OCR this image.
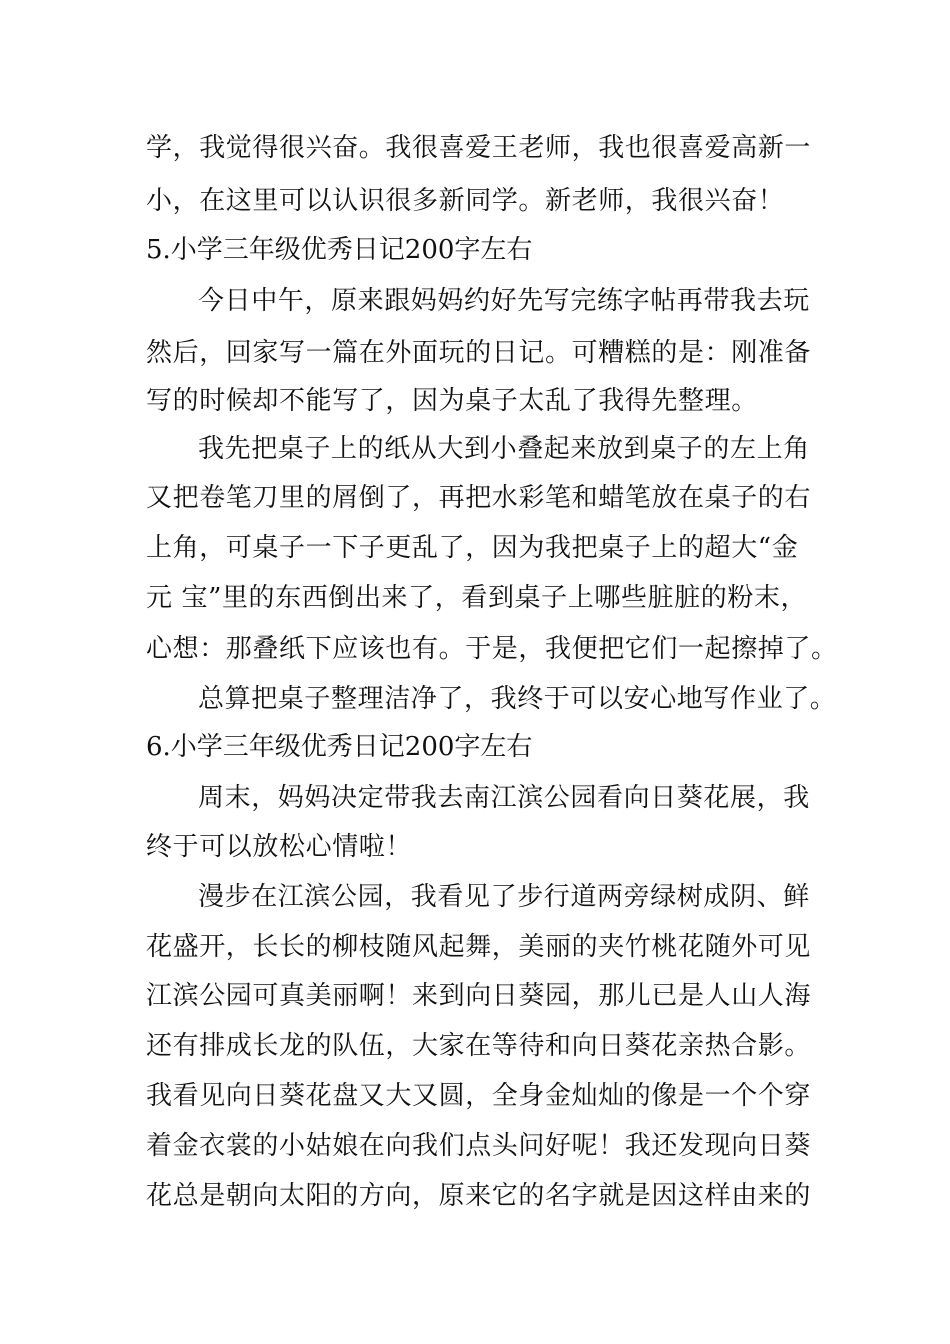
学，我觉得很兴奋。我很喜爱王老师，我也很喜爱高新一
小，在这里可以认识很多新同学。新老师，我很兴奋！
5.小学三年级优秀日记200字左右
今日中午，原来跟妈妈约好先写完练字帖再带我去玩
然后，回家写一篇在外面玩的日记。可糟糕的是：刚准备
写的时候却不能写了，因为桌子太乱了我得先整理。
我先把桌子上的纸从大到小叠起来放到桌子的左上角
又把卷笔刀里的屑倒了，再把水彩笔和蜡笔放在桌子的右
上角，可桌子一下子更乱了，因为我把桌子上的超大“金
元 宝”里的东西倒出来了，看到桌子上哪些脏脏的粉末，
心想：那叠纸下应该也有。于是，我便把它们一起擦掉了。
总算把桌子整理洁净了，我终于可以安心地写作业了。
6.小学三年级优秀日记200字左右
周末，妈妈决定带我去南江滨公园看向日葵花展，我
终于可以放松心情啦！
漫步在江滨公园，我看见了步行道两旁绿树成阴、鲜
花盛开，长长的柳枝随风起舞，美丽的夹竹桃花随外可见
江滨公园可真美丽啊！来到向日葵园，那儿已是人山人海
还有排成长龙的队伍，大家在等待和向日葵花亲热合影。
我看见向日葵花盘又大又圆，全身金灿灿的像是一个个穿
着金衣裳的小姑娘在向我们点头问好呢！我还发现向日葵
花总是朝向太阳的方向，原来它的名字就是因这样由来的
